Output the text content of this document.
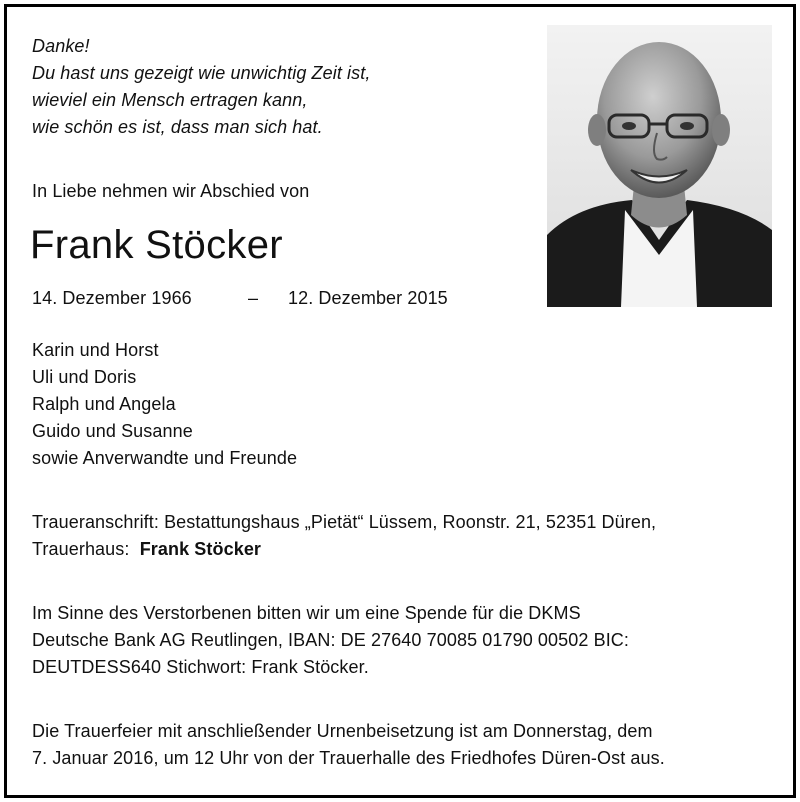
Danke!
Du hast uns gezeigt wie unwichtig Zeit ist,
wieviel ein Mensch ertragen kann,
wie schön es ist, dass man sich hat.
In Liebe nehmen wir Abschied von
Frank Stöcker
14. Dezember 1966	– 12. Dezember 2015
Karin und Horst
Uli und Doris
Ralph und Angela
Guido und Susanne
sowie Anverwandte und Freunde
Traueranschrift: Bestattungshaus „Pietät“ Lüssem, Roonstr. 21, 52351 Düren,
Trauerhaus: Frank Stöcker
Im Sinne des Verstorbenen bitten wir um eine Spende für die DKMS
Deutsche Bank AG Reutlingen, IBAN: DE 27640 70085 01790 00502 BIC:
DEUTDESS640 Stichwort: Frank Stöcker.
Die Trauerfeier mit anschließender Urnenbeisetzung ist am Donnerstag, dem
7. Januar 2016, um 12 Uhr von der Trauerhalle des Friedhofes Düren-Ost aus.
